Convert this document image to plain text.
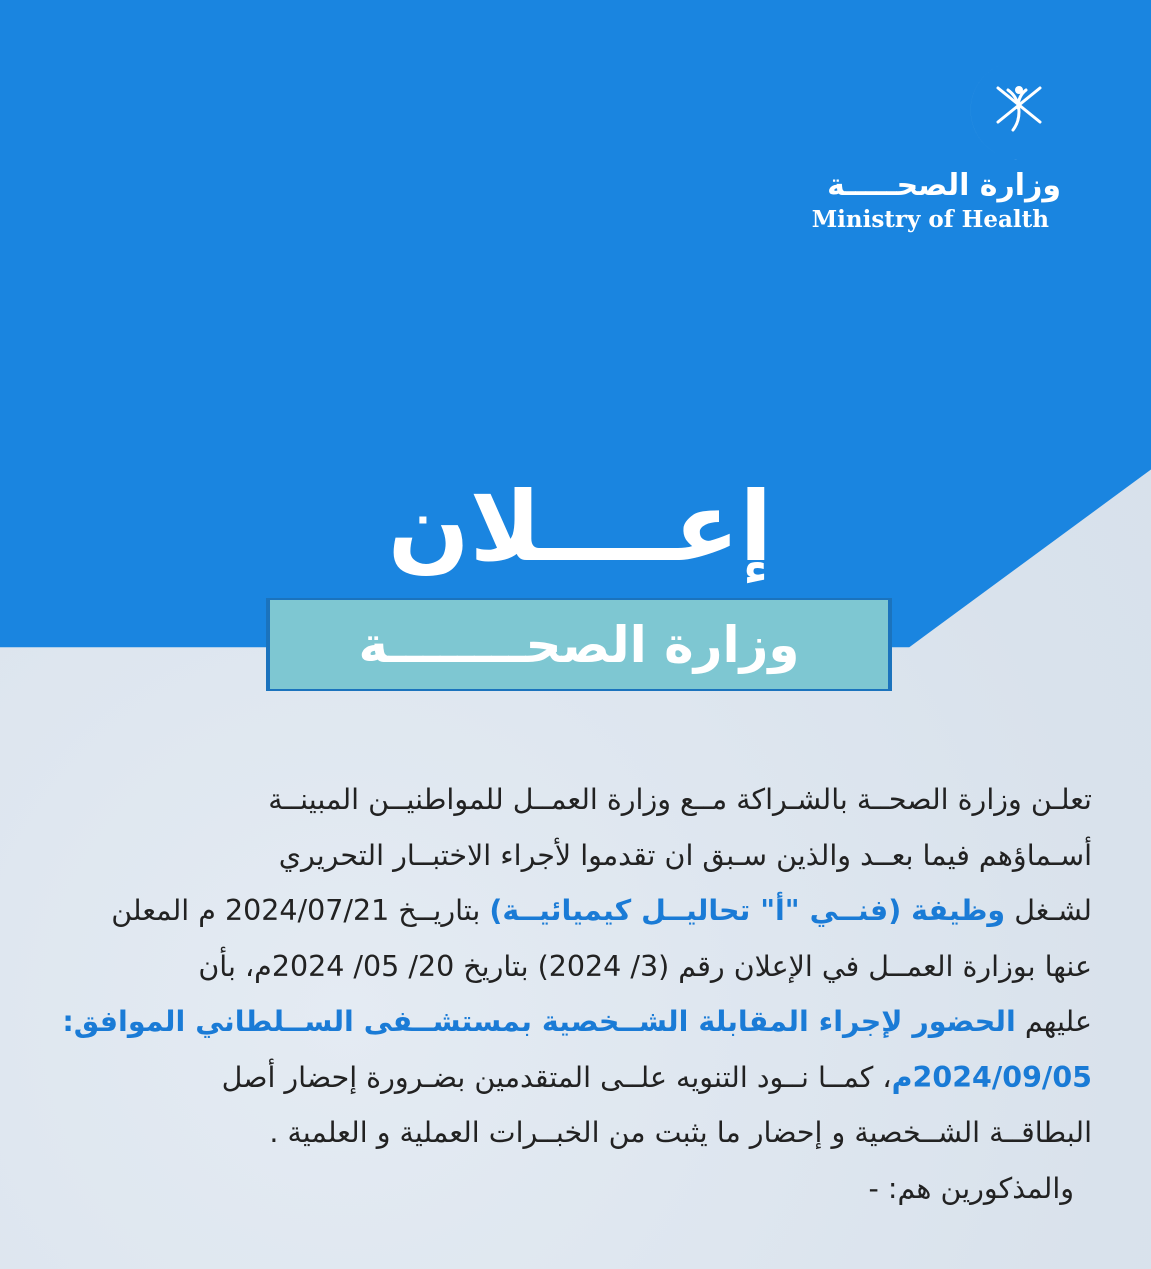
وزارة الصحـــــة
Ministry of Health
إعــــلان
وزارة الصحــــــــة
تعلـن وزارة الصحــة بالشـراكة مــع وزارة العمــل للمواطنيــن المبينــة
أسـماؤهم فيما بعــد والذين سـبق ان تقدموا لأجراء الاختبــار التحريري
لشـغل وظيفة (فنــي "أ" تحاليــل كيميائيــة) بتاريــخ 2024/07/21 م المعلن
عنها بوزارة العمــل في الإعلان رقم (3/ 2024) بتاريخ 20/ 05/ 2024م، بأن
عليهم الحضور لإجراء المقابلة الشــخصية بمستشــفى الســلطاني الموافق:
2024/09/05م، كمــا نــود التنويه علــى المتقدمين بضـرورة إحضار أصل
البطاقــة الشــخصية و إحضار ما يثبت من الخبــرات العملية و العلمية .
والمذكورين هم: -
